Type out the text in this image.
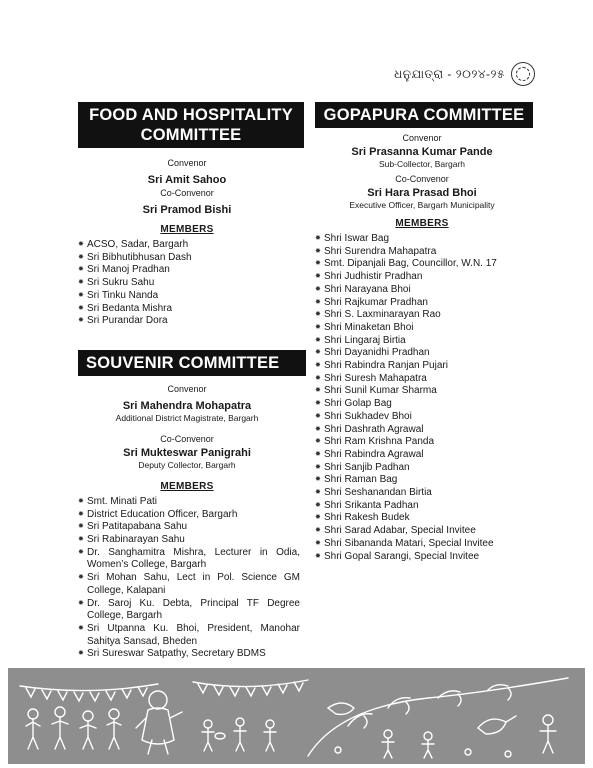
ଧନୁଯାତ୍ରା - ୨୦୨୪-୨୫
FOOD AND HOSPITALITY
COMMITTEE
Convenor
Sri Amit Sahoo
Co-Convenor
Sri Pramod Bishi
MEMBERS
✸ ACSO, Sadar, Bargarh
✸ Sri Bibhutibhusan Dash
✸ Sri Manoj Pradhan
✸ Sri Sukru Sahu
✸ Sri Tinku Nanda
✸ Sri Bedanta Mishra
✸ Sri Purandar Dora
SOUVENIR COMMITTEE
Convenor
Sri Mahendra Mohapatra
Additional District Magistrate, Bargarh
Co-Convenor
Sri Mukteswar Panigrahi
Deputy Collector, Bargarh
MEMBERS
✸ Smt. Minati Pati
✸ District Education Officer, Bargarh
✸ Sri Patitapabana Sahu
✸ Sri Rabinarayan Sahu
✸ Dr. Sanghamitra Mishra, Lecturer in Odia, Women’s College, Bargarh
✸ Sri Mohan Sahu, Lect in Pol. Science GM College, Kalapani
✸ Dr. Saroj Ku. Debta, Principal TF Degree College, Bargarh
✸ Sri Utpanna Ku. Bhoi, President, Manohar Sahitya Sansad, Bheden
✸ Sri Sureswar Satpathy, Secretary BDMS
GOPAPURA COMMITTEE
Convenor
Sri Prasanna Kumar Pande
Sub-Collector, Bargarh
Co-Convenor
Sri Hara Prasad Bhoi
Executive Officer, Bargarh Municipality
MEMBERS
✸ Shri Iswar Bag
✸ Shri Surendra Mahapatra
✸ Smt. Dipanjali Bag, Councillor, W.N. 17
✸ Shri Judhistir Pradhan
✸ Shri Narayana Bhoi
✸ Shri Rajkumar Pradhan
✸ Shri S. Laxminarayan Rao
✸ Shri Minaketan Bhoi
✸ Shri Lingaraj Birtia
✸ Shri Dayanidhi Pradhan
✸ Shri Rabindra Ranjan Pujari
✸ Shri Suresh Mahapatra
✸ Shri Sunil Kumar Sharma
✸ Shri Golap Bag
✸ Shri Sukhadev Bhoi
✸ Shri Dashrath Agrawal
✸ Shri Ram Krishna Panda
✸ Shri Rabindra Agrawal
✸ Shri Sanjib Padhan
✸ Shri Raman Bag
✸ Shri Seshanandan Birtia
✸ Shri Srikanta Padhan
✸ Shri Rakesh Budek
✸ Shri Sarad Adabar, Special Invitee
✸ Shri Sibananda Matari, Special Invitee
✸ Shri Gopal Sarangi, Special Invitee
